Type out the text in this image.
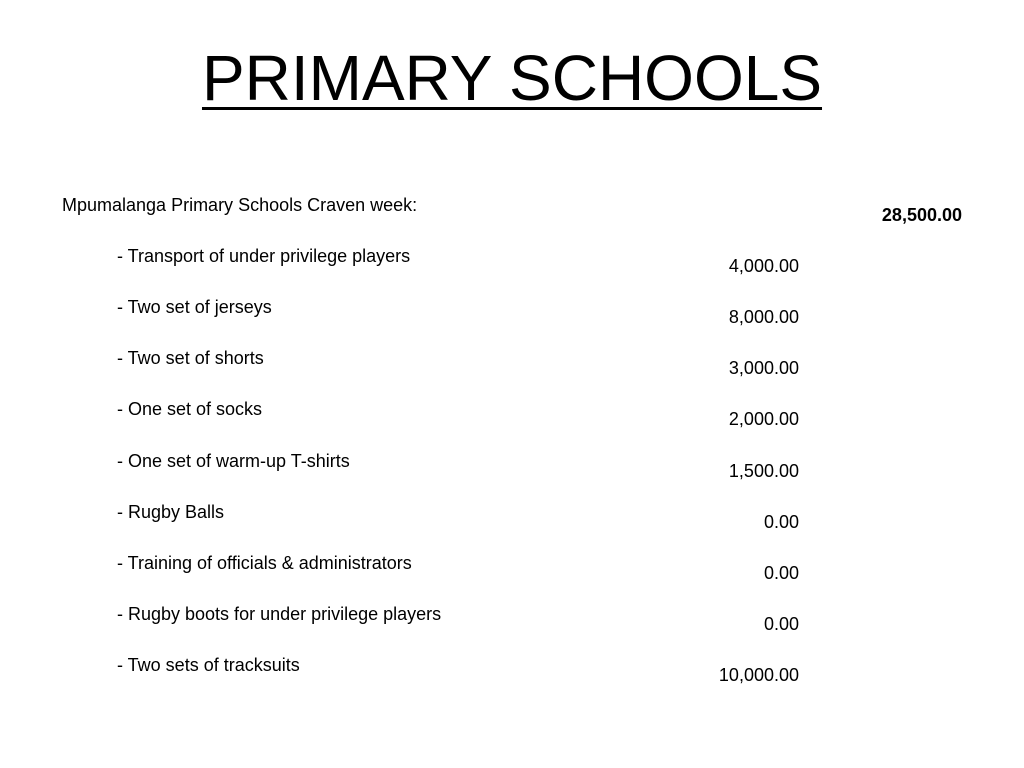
PRIMARY SCHOOLS
Mpumalanga Primary Schools Craven week:	28,500.00
- Transport of under privilege players	4,000.00
- Two set of jerseys	8,000.00
- Two set of shorts	3,000.00
- One set of socks	2,000.00
- One set of warm-up T-shirts	1,500.00
- Rugby Balls	0.00
- Training of officials & administrators	0.00
- Rugby boots for under privilege players	0.00
- Two sets of tracksuits	10,000.00
